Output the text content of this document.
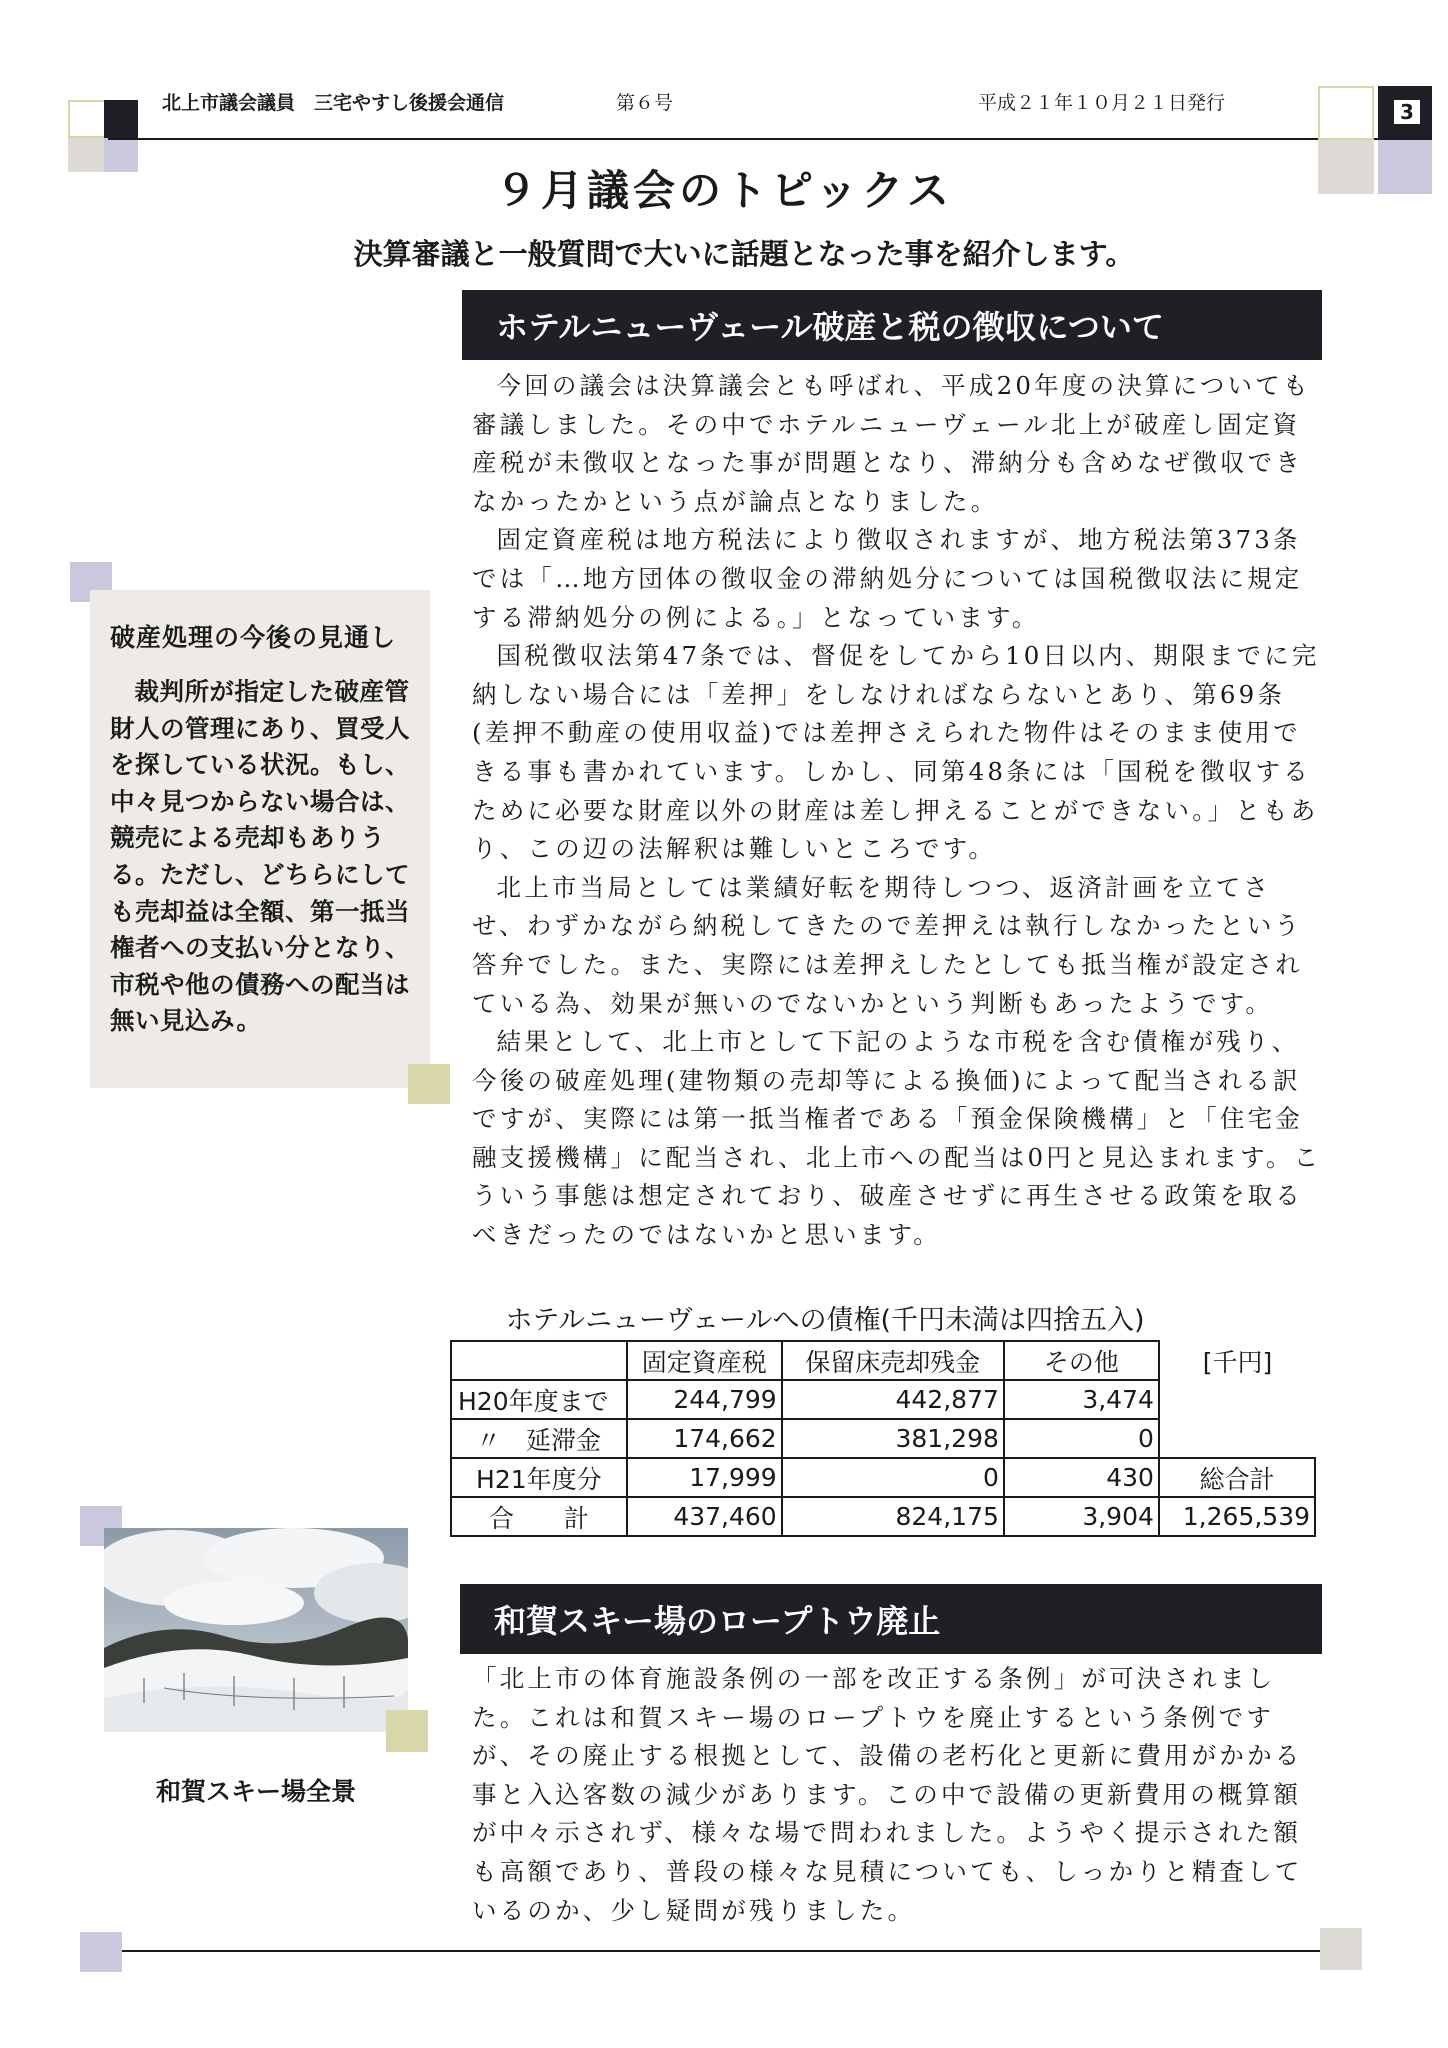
北上市議会議員　三宅やすし後援会通信	第６号	平成２１年１０月２１日発行	3
９月議会のトピックス
決算審議と一般質問で大いに話題となった事を紹介します。
ホテルニューヴェール破産と税の徴収について

今回の議会は決算議会とも呼ばれ、平成20年度の決算についても審議しました。その中でホテルニューヴェール北上が破産し固定資産税が未徴収となった事が問題となり、滞納分も含めなぜ徴収できなかったかという点が論点となりました。

固定資産税は地方税法により徴収されますが、地方税法第373条では「…地方団体の徴収金の滞納処分については国税徴収法に規定する滞納処分の例による。」となっています。

国税徴収法第47条では、督促をしてから10日以内、期限までに完納しない場合には「差押」をしなければならないとあり、第69条(差押不動産の使用収益)では差押さえられた物件はそのまま使用できる事も書かれています。しかし、同第48条には「国税を徴収するために必要な財産以外の財産は差し押えることができない。」ともあり、この辺の法解釈は難しいところです。

北上市当局としては業績好転を期待しつつ、返済計画を立てさせ、わずかながら納税してきたので差押えは執行しなかったという答弁でした。また、実際には差押えしたとしても抵当権が設定されている為、効果が無いのでないかという判断もあったようです。

結果として、北上市として下記のような市税を含む債権が残り、今後の破産処理(建物類の売却等による換価)によって配当される訳ですが、実際には第一抵当権者である「預金保険機構」と「住宅金融支援機構」に配当され、北上市への配当は0円と見込まれます。こういう事態は想定されており、破産させずに再生させる政策を取るべきだったのではないかと思います。

破産処理の今後の見通し
裁判所が指定した破産管財人の管理にあり、買受人を探している状況。もし、中々見つからない場合は、競売による売却もありうる。ただし、どちらにしても売却益は全額、第一抵当権者への支払い分となり、市税や他の債務への配当は無い見込み。
ホテルニューヴェールへの債権(千円未満は四捨五入)
	固定資産税	保留床売却残金	その他	[千円]
H20年度まで	244,799	442,877	3,474	
〃　延滞金	174,662	381,298	0	
H21年度分	17,999	0	430	総合計
合　　計	437,460	824,175	3,904	1,265,539
和賀スキー場全景
和賀スキー場のロープトウ廃止

「北上市の体育施設条例の一部を改正する条例」が可決されました。これは和賀スキー場のロープトウを廃止するという条例ですが、その廃止する根拠として、設備の老朽化と更新に費用がかかる事と入込客数の減少があります。この中で設備の更新費用の概算額が中々示されず、様々な場で問われました。ようやく提示された額も高額であり、普段の様々な見積についても、しっかりと精査しているのか、少し疑問が残りました。
